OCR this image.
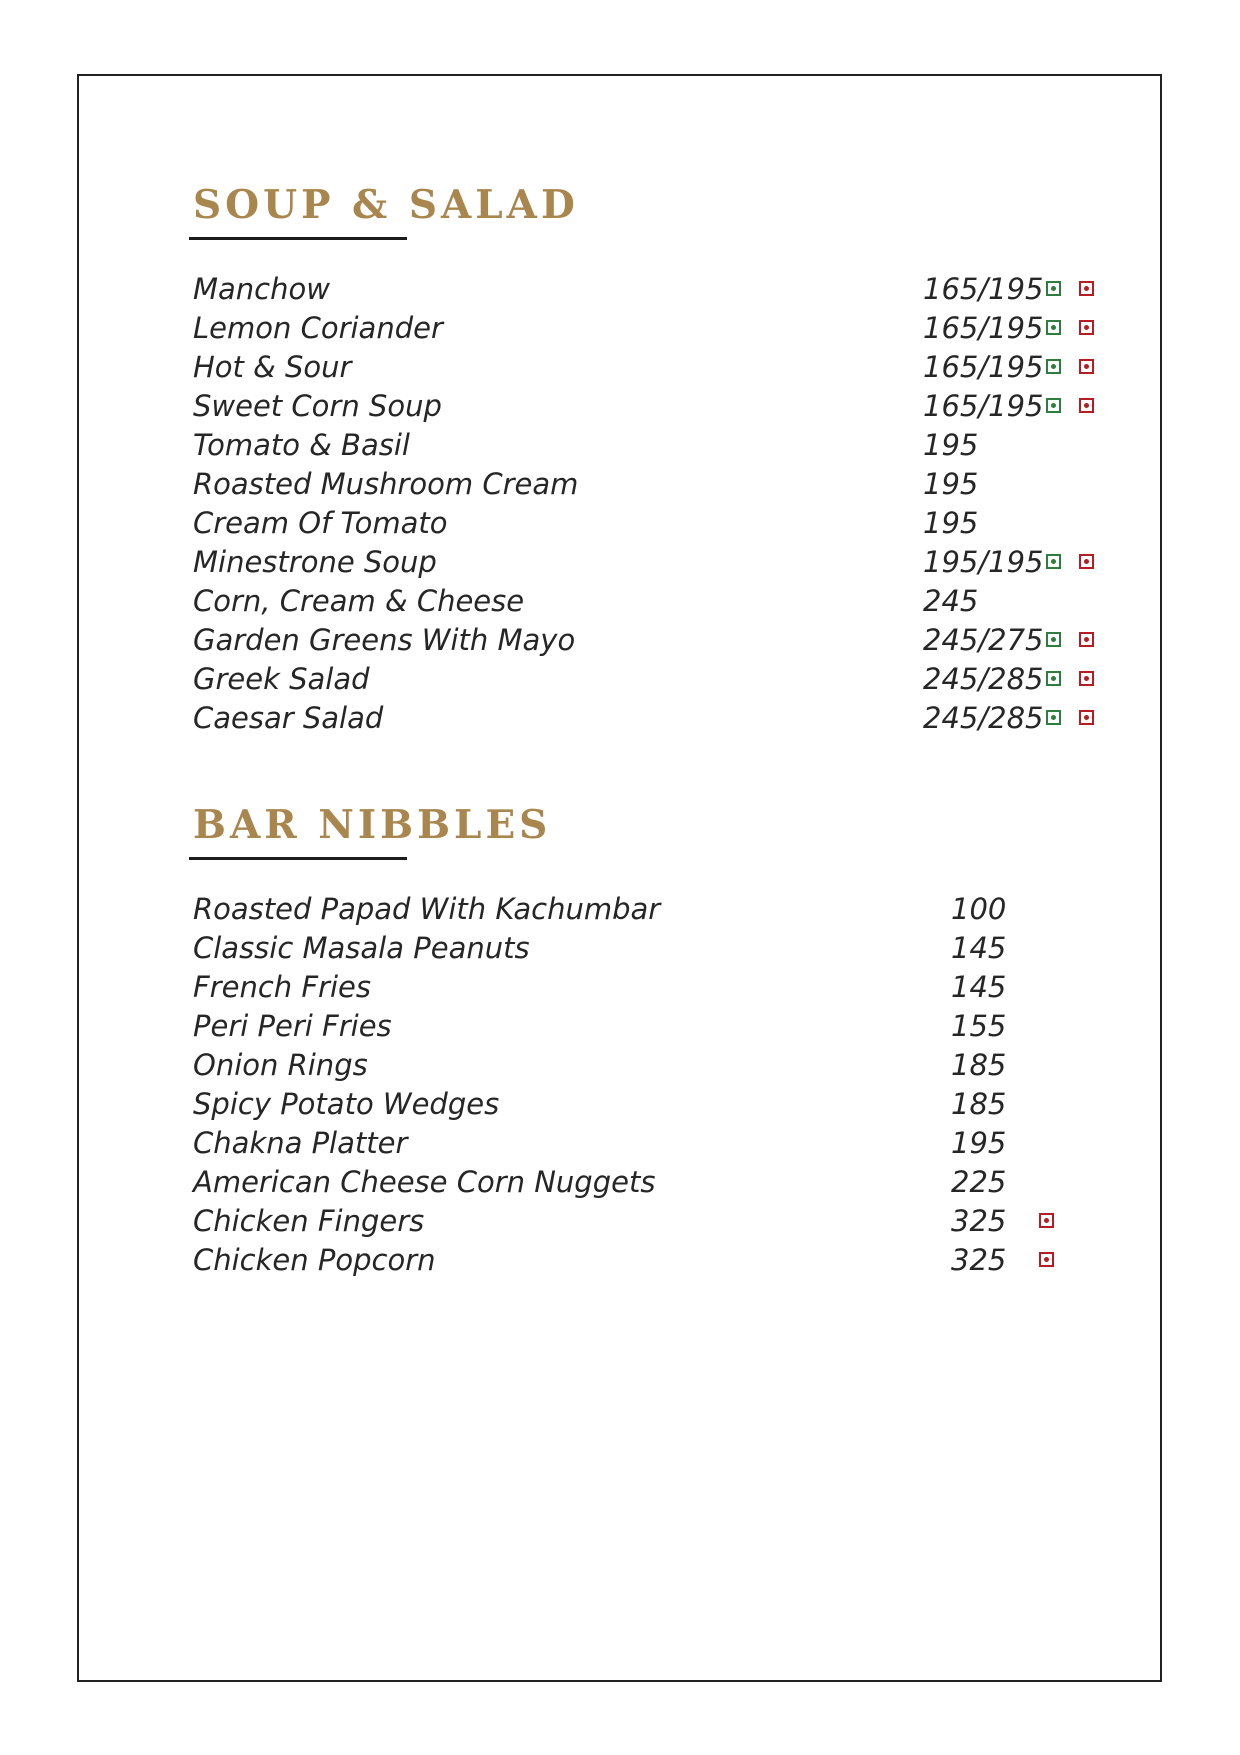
SOUP & SALAD
Manchow	165/195
Lemon Coriander	165/195
Hot & Sour	165/195
Sweet Corn Soup	165/195
Tomato & Basil	195
Roasted Mushroom Cream	195
Cream Of Tomato	195
Minestrone Soup	195/195
Corn, Cream & Cheese	245
Garden Greens With Mayo	245/275
Greek Salad	245/285
Caesar Salad	245/285
BAR NIBBLES
Roasted Papad With Kachumbar	100
Classic Masala Peanuts	145
French Fries	145
Peri Peri Fries	155
Onion Rings	185
Spicy Potato Wedges	185
Chakna Platter	195
American Cheese Corn Nuggets	225
Chicken Fingers	325
Chicken Popcorn	325
